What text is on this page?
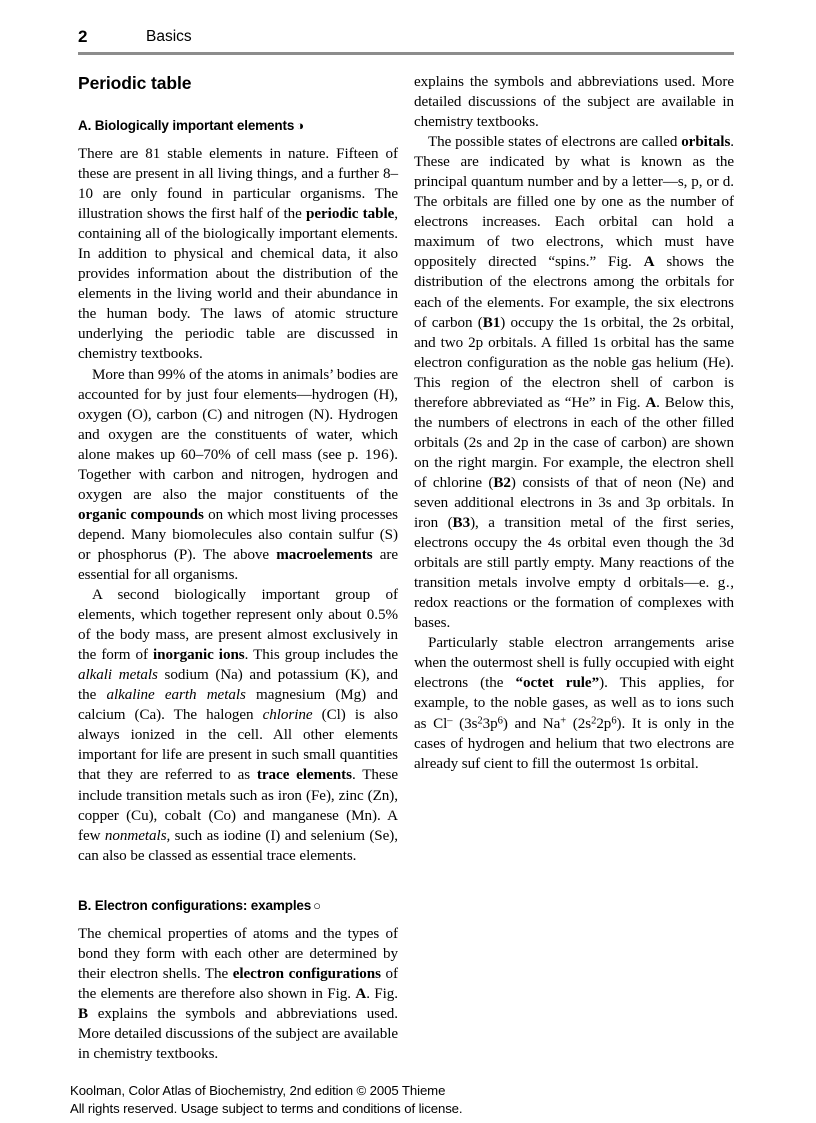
2	Basics
Periodic table
A. Biologically important elements ◑

There are 81 stable elements in nature. Fifteen of these are present in all living things, and a further 8–10 are only found in particular organisms. The illustration shows the first half of the periodic table, containing all of the biologically important elements. In addition to physical and chemical data, it also provides information about the distribution of the elements in the living world and their abundance in the human body. The laws of atomic structure underlying the periodic table are discussed in chemistry textbooks.

More than 99% of the atoms in animals’ bodies are accounted for by just four elements—hydrogen (H), oxygen (O), carbon (C) and nitrogen (N). Hydrogen and oxygen are the constituents of water, which alone makes up 60–70% of cell mass (see p. 196). Together with carbon and nitrogen, hydrogen and oxygen are also the major constituents of the organic compounds on which most living processes depend. Many biomolecules also contain sulfur (S) or phosphorus (P). The above macroelements are essential for all organisms.

A second biologically important group of elements, which together represent only about 0.5% of the body mass, are present almost exclusively in the form of inorganic ions. This group includes the alkali metals sodium (Na) and potassium (K), and the alkaline earth metals magnesium (Mg) and calcium (Ca). The halogen chlorine (Cl) is also always ionized in the cell. All other elements important for life are present in such small quantities that they are referred to as trace elements. These include transition metals such as iron (Fe), zinc (Zn), copper (Cu), cobalt (Co) and manganese (Mn). A few nonmetals, such as iodine (I) and selenium (Se), can also be classed as essential trace elements.

B. Electron configurations: examples ○

The chemical properties of atoms and the types of bond they form with each other are determined by their electron shells. The electron configurations of the elements are therefore also shown in Fig. A. Fig. B explains the symbols and abbreviations used. More detailed discussions of the subject are available in chemistry textbooks.

explains the symbols and abbreviations used. More detailed discussions of the subject are available in chemistry textbooks.

The possible states of electrons are called orbitals. These are indicated by what is known as the principal quantum number and by a letter—s, p, or d. The orbitals are filled one by one as the number of electrons increases. Each orbital can hold a maximum of two electrons, which must have oppositely directed “spins.” Fig. A shows the distribution of the electrons among the orbitals for each of the elements. For example, the six electrons of carbon (B1) occupy the 1s orbital, the 2s orbital, and two 2p orbitals. A filled 1s orbital has the same electron configuration as the noble gas helium (He). This region of the electron shell of carbon is therefore abbreviated as “He” in Fig. A. Below this, the numbers of electrons in each of the other filled orbitals (2s and 2p in the case of carbon) are shown on the right margin. For example, the electron shell of chlorine (B2) consists of that of neon (Ne) and seven additional electrons in 3s and 3p orbitals. In iron (B3), a transition metal of the first series, electrons occupy the 4s orbital even though the 3d orbitals are still partly empty. Many reactions of the transition metals involve empty d orbitals—e. g., redox reactions or the formation of complexes with bases.

Particularly stable electron arrangements arise when the outermost shell is fully occupied with eight electrons (the “octet rule”). This applies, for example, to the noble gases, as well as to ions such as Cl– $(3s^23p^6)$ and Na+ $(2s^22p^6)$. It is only in the cases of hydrogen and helium that two electrons are already suf cient to fill the outermost 1s orbital.

Koolman, Color Atlas of Biochemistry, 2nd edition © 2005 Thieme
All rights reserved. Usage subject to terms and conditions of license.
